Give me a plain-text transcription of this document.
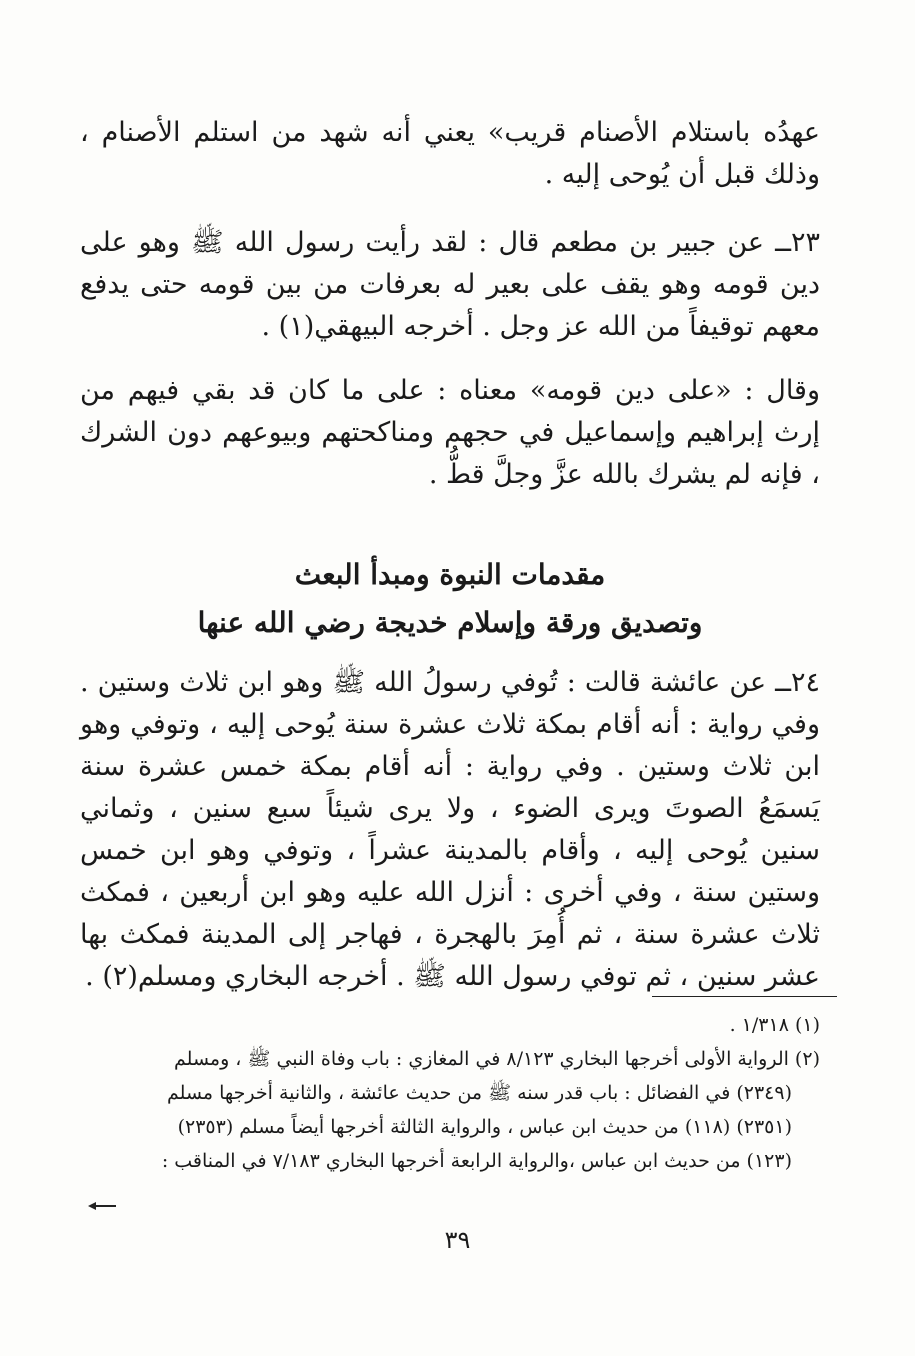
عهدُه باستلام الأصنام قريب» يعني أنه شهد من استلم الأصنام ، وذلك قبل أن يُوحى إليه .

٢٣ــ عن جبير بن مطعم قال : لقد رأيت رسول الله ﷺ وهو على دين قومه وهو يقف على بعير له بعرفات من بين قومه حتى يدفع معهم توقيفاً من الله عز وجل . أخرجه البيهقي(١) .

وقال : «على دين قومه» معناه : على ما كان قد بقي فيهم من إرث إبراهيم وإسماعيل في حجهم ومناكحتهم وبيوعهم دون الشرك ، فإنه لم يشرك بالله عزَّ وجلَّ قطُّ .

مقدمات النبوة ومبدأ البعث
وتصديق ورقة وإسلام خديجة رضي الله عنها

٢٤ــ عن عائشة قالت : تُوفي رسولُ الله ﷺ وهو ابن ثلاث وستين . وفي رواية : أنه أقام بمكة ثلاث عشرة سنة يُوحى إليه ، وتوفي وهو ابن ثلاث وستين . وفي رواية : أنه أقام بمكة خمس عشرة سنة يَسمَعُ الصوتَ ويرى الضوء ، ولا يرى شيئاً سبع سنين ، وثماني سنين يُوحى إليه ، وأقام بالمدينة عشراً ، وتوفي وهو ابن خمس وستين سنة ، وفي أخرى : أنزل الله عليه وهو ابن أربعين ، فمكث ثلاث عشرة سنة ، ثم أُمِرَ بالهجرة ، فهاجر إلى المدينة فمكث بها عشر سنين ، ثم توفي رسول الله ﷺ . أخرجه البخاري ومسلم(٢) .

(١) ١/٣١٨ .

(٢) الرواية الأولى أخرجها البخاري ٨/١٢٣ في المغازي : باب وفاة النبي ﷺ ، ومسلم

(٢٣٤٩) في الفضائل : باب قدر سنه ﷺ من حديث عائشة ، والثانية أخرجها مسلم

(٢٣٥١) (١١٨) من حديث ابن عباس ، والرواية الثالثة أخرجها أيضاً مسلم (٢٣٥٣)

(١٢٣) من حديث ابن عباس ،والرواية الرابعة أخرجها البخاري ٧/١٨٣ في المناقب :

٣٩
